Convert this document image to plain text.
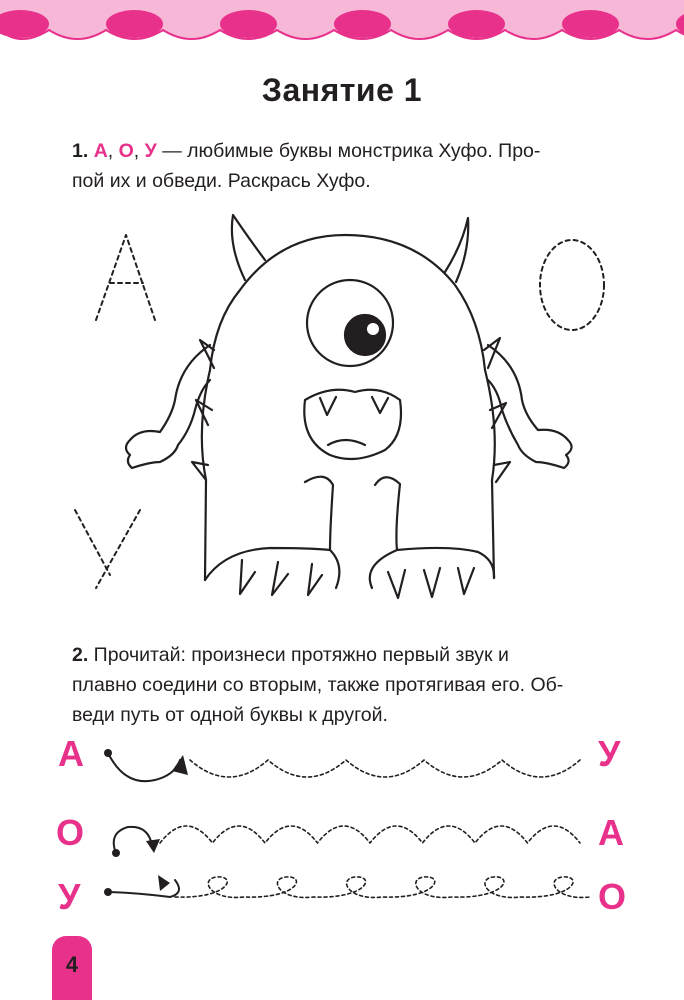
Занятие 1
1. А, О, У — любимые буквы монстрика Хуфо. Про-
пой их и обведи. Раскрась Хуфо.
2. Прочитай: произнеси протяжно первый звук и
плавно соедини со вторым, также протягивая его. Об-
веди путь от одной буквы к другой.
А	У
О	А
У	О
4
